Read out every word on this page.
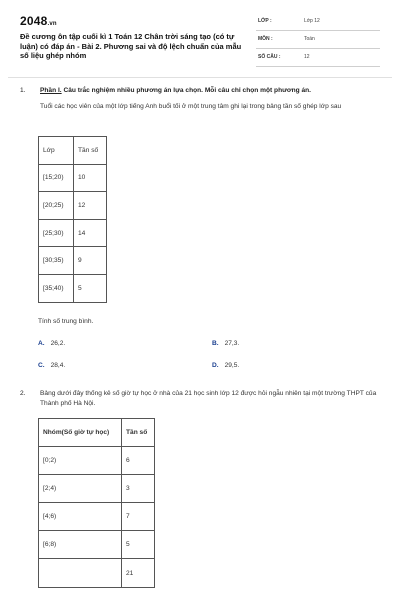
2048.vn
Đề cương ôn tập cuối kì 1 Toán 12 Chân trời sáng tạo (có tự luận) có đáp án - Bài 2. Phương sai và độ lệch chuẩn của mẫu số liệu ghép nhóm
LỚP :	Lớp 12
MÔN :	Toán
SỐ CÂU :	12
1. Phần I. Câu trắc nghiệm nhiều phương án lựa chọn. Mỗi câu chỉ chọn một phương án.
Tuổi các học viên của một lớp tiếng Anh buổi tối ở một trung tâm ghi lại trong bảng tần số ghép lớp sau
Lớp	Tần số
[15;20)	10
[20;25)	12
[25;30)	14
[30;35)	9
[35;40)	5
Tính số trung bình.
A. 26,2.	B. 27,3.
C. 28,4.	D. 29,5.
2. Bảng dưới đây thống kê số giờ tự học ở nhà của 21 học sinh lớp 12 được hỏi ngẫu nhiên tại một trường THPT của Thành phố Hà Nội.
Nhóm(Số giờ tự học)	Tần số
[0;2)	6
[2;4)	3
[4;6)	7
[6;8)	5
	21
